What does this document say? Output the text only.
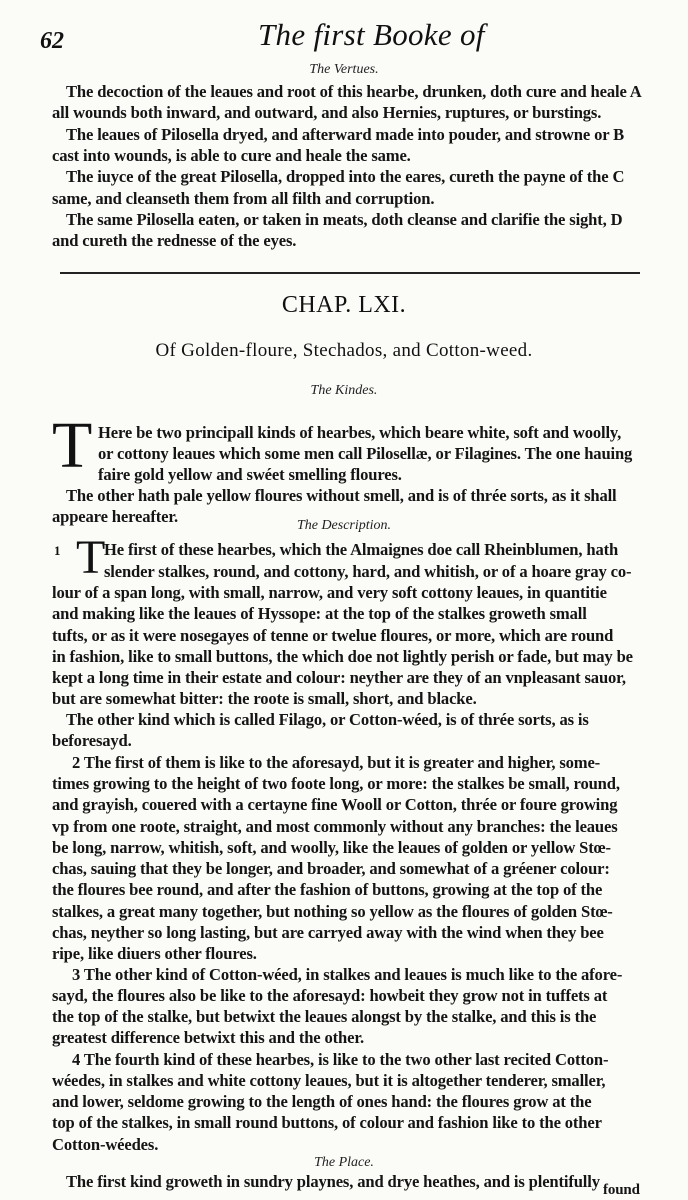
62	The first Booke of
The Vertues.
The decoction of the leaues and root of this hearbe, drunken, doth cure and heale A
all wounds both inward, and outward, and also Hernies, ruptures, or burstings.
The leaues of Pilosella dryed, and afterward made into pouder, and strowne or B
cast into wounds, is able to cure and heale the same.
The iuyce of the great Pilosella, dropped into the eares, cureth the payne of the C
same, and cleanseth them from all filth and corruption.
The same Pilosella eaten, or taken in meats, doth cleanse and clarifie the sight, D
and cureth the rednesse of the eyes.
CHAP. LXI.
Of Golden-floure, Stechados, and Cotton-weed.
The Kindes.
T Here be two principall kinds of hearbes, which beare white, soft and woolly,
or cottony leaues which some men call Pilosellæ, or Filagines. The one hauing
faire gold yellow and swéet smelling floures.
The other hath pale yellow floures without smell, and is of thrée sorts, as it shall
appeare hereafter.	The Description.
1 T
He first of these hearbes, which the Almaignes doe call Rheinblumen, hath
slender stalkes, round, and cottony, hard, and whitish, or of a hoare gray co-
lour of a span long, with small, narrow, and very soft cottony leaues, in quantitie
and making like the leaues of Hyssope: at the top of the stalkes groweth small
tufts, or as it were nosegayes of tenne or twelue floures, or more, which are round
in fashion, like to small buttons, the which doe not lightly perish or fade, but may be
kept a long time in their estate and colour: neyther are they of an vnpleasant sauor,
but are somewhat bitter: the roote is small, short, and blacke.
The other kind which is called Filago, or Cotton-wéed, is of thrée sorts, as is
beforesayd.
2 The first of them is like to the aforesayd, but it is greater and higher, some-
times growing to the height of two foote long, or more: the stalkes be small, round,
and grayish, couered with a certayne fine Wooll or Cotton, thrée or foure growing
vp from one roote, straight, and most commonly without any branches: the leaues
be long, narrow, whitish, soft, and woolly, like the leaues of golden or yellow Stœ-
chas, sauing that they be longer, and broader, and somewhat of a gréener colour:
the floures bee round, and after the fashion of buttons, growing at the top of the
stalkes, a great many together, but nothing so yellow as the floures of golden Stœ-
chas, neyther so long lasting, but are carryed away with the wind when they bee
ripe, like diuers other floures.
3 The other kind of Cotton-wéed, in stalkes and leaues is much like to the afore-
sayd, the floures also be like to the aforesayd: howbeit they grow not in tuffets at
the top of the stalke, but betwixt the leaues alongst by the stalke, and this is the
greatest difference betwixt this and the other.
4 The fourth kind of these hearbes, is like to the two other last recited Cotton-
wéedes, in stalkes and white cottony leaues, but it is altogether tenderer, smaller,
and lower, seldome growing to the length of ones hand: the floures grow at the
top of the stalkes, in small round buttons, of colour and fashion like to the other
Cotton-wéedes.
The Place.
The first kind groweth in sundry playnes, and drye heathes, and is plentifully found
